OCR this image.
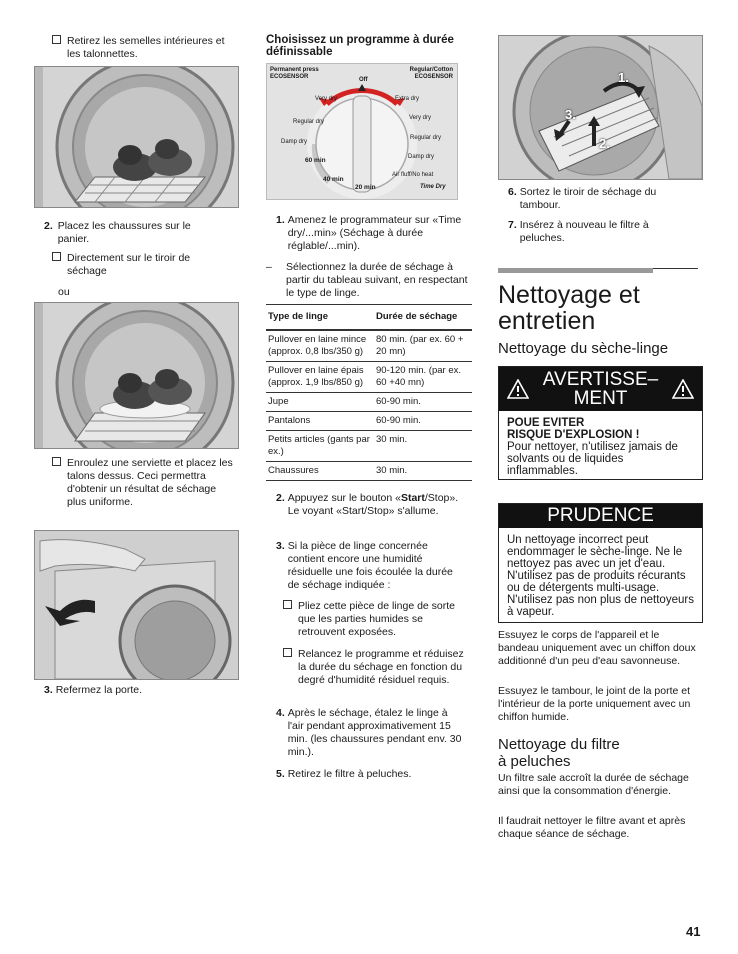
Retirez les semelles intérieures et les talonnettes.
2. Placez les chaussures sur le panier.
Directement sur le tiroir de séchage
ou
Enroulez une serviette et placez les talons dessus. Ceci permettra d'obtenir un résultat de séchage plus uniforme.
3. Refermez la porte.
Choisissez un programme à durée définissable
Permanent press
ECOSENSOR
Regular/Cotton
ECOSENSOR
Off
Very dry
Regular dry
Damp dry
Extra dry
Very dry
Regular dry
Damp dry
60 min
40 min
20 min
Air fluff/No heat
Time Dry
1. Amenez le programmateur sur «Time dry/...min» (Séchage à durée réglable/...min).
– Sélectionnez la durée de séchage à partir du tableau suivant, en respectant le type de linge.
Type de linge	Durée de séchage
Pullover en laine mince (approx. 0,8 lbs/350 g)	80 min. (par ex. 60 + 20 mn)
Pullover en laine épais (approx. 1,9 lbs/850 g)	90-120 min. (par ex. 60 +40 mn)
Jupe	60-90 min.
Pantalons	60-90 min.
Petits articles (gants par ex.)	30 min.
Chaussures	30 min.
2. Appuyez sur le bouton «Start/Stop». Le voyant «Start/Stop» s'allume.
3. Si la pièce de linge concernée contient encore une humidité résiduelle une fois écoulée la durée de séchage indiquée :
Pliez cette pièce de linge de sorte que les parties humides se retrouvent exposées.
Relancez le programme et réduisez la durée du séchage en fonction du degré d'humidité résiduel requis.
4. Après le séchage, étalez le linge à l'air pendant approximativement 15 min. (les chaussures pendant env. 30 min.).
5. Retirez le filtre à peluches.
1.
2.
3.
6. Sortez le tiroir de séchage du tambour.
7. Insérez à nouveau le filtre à peluches.
Nettoyage et
entretien
Nettoyage du sèche-linge
AVERTISSE–
MENT
POUE EVITER
RISQUE D'EXPLOSION !
Pour nettoyer, n'utilisez jamais de solvants ou de liquides inflammables.
PRUDENCE
Un nettoyage incorrect peut endommager le sèche-linge. Ne le nettoyez pas avec un jet d'eau. N'utilisez pas de produits récurants ou de détergents multi-usage. N'utilisez pas non plus de nettoyeurs à vapeur.
Essuyez le corps de l'appareil et le bandeau uniquement avec un chiffon doux additionné d'un peu d'eau savonneuse.
Essuyez le tambour, le joint de la porte et l'intérieur de la porte uniquement avec un chiffon humide.
Nettoyage du filtre
à peluches
Un filtre sale accroît la durée de séchage ainsi que la consommation d'énergie.
Il faudrait nettoyer le filtre avant et après chaque séance de séchage.
41
